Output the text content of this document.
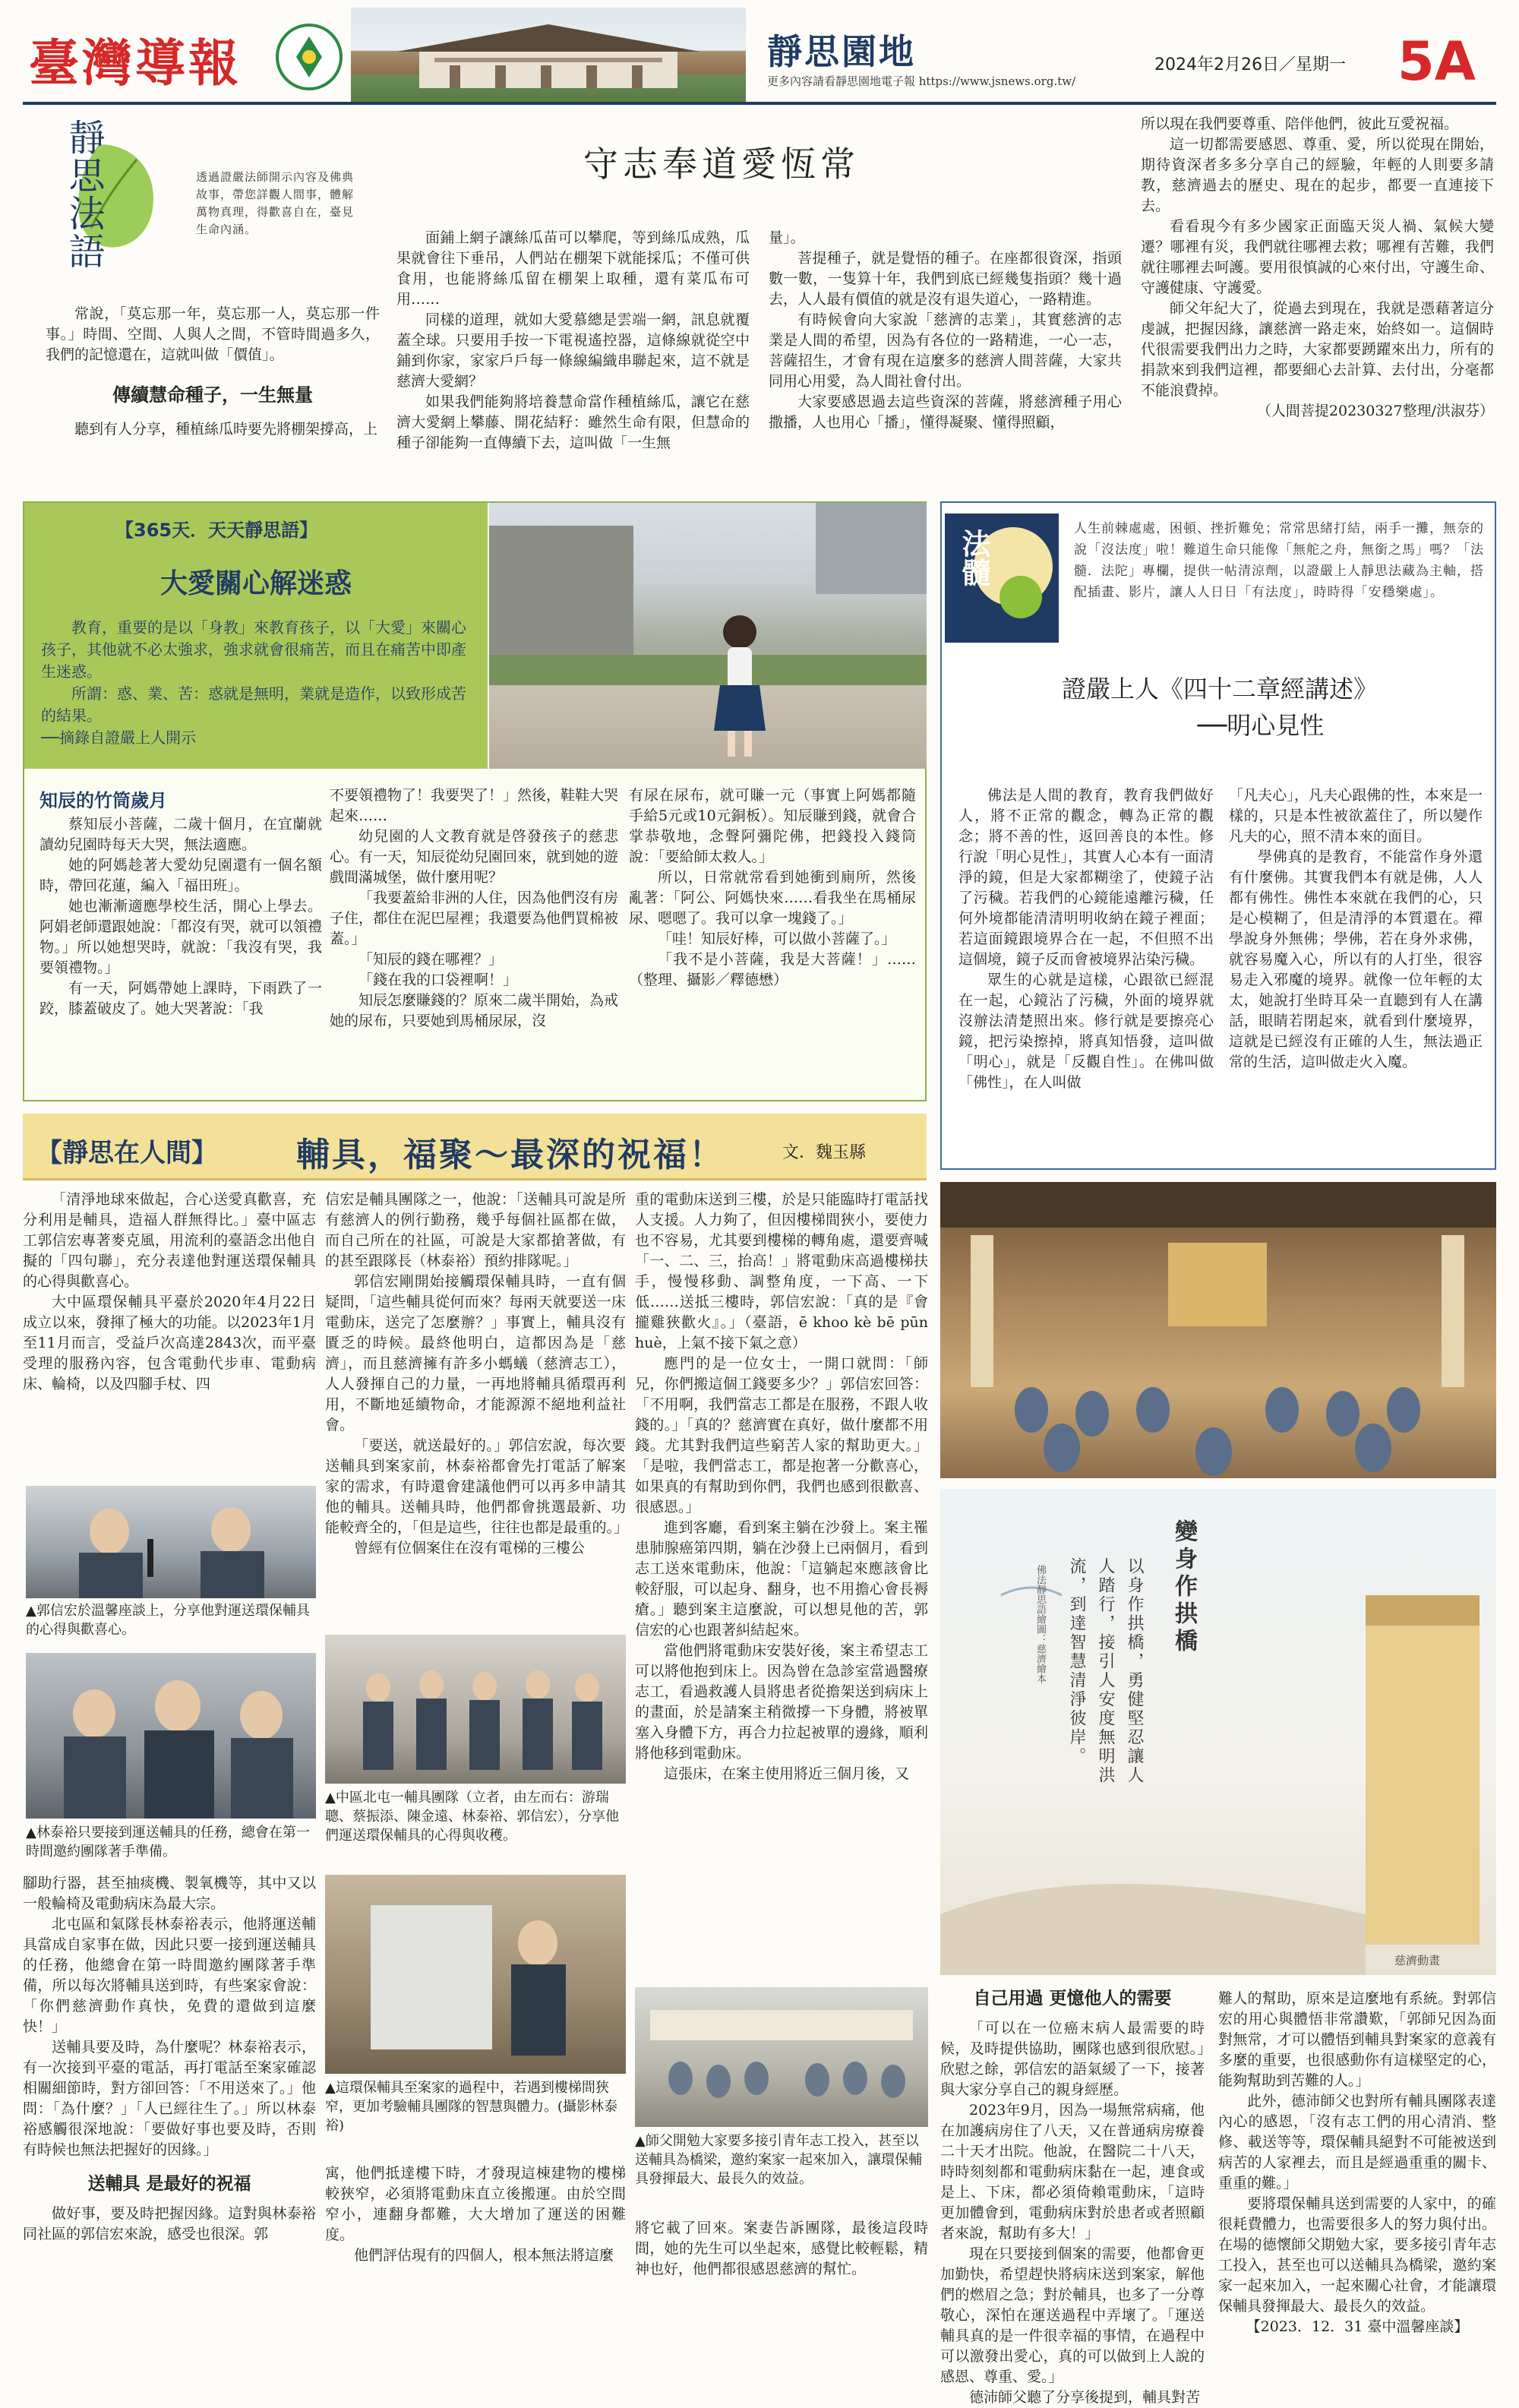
臺灣導報	靜思園地
更多內容請看靜思園地電子報 https://www.jsnews.org.tw/
2024年2月26日／星期一 5A
靜思法語	透過證嚴法師開示內容及佛典故事，帶您詳觀人間事，體解萬物真理，得歡喜自在，臺見生命內涵。
守志奉道愛恆常

常說，「莫忘那一年，莫忘那一人，莫忘那一件事。」時間、空間、人與人之間，不管時間過多久，我們的記憶還在，這就叫做「價值」。

傳續慧命種子，一生無量

聽到有人分享，種植絲瓜時要先將棚架撐高，上

面鋪上網子讓絲瓜苗可以攀爬，等到絲瓜成熟，瓜果就會往下垂吊，人們站在棚架下就能採瓜；不僅可供食用，也能將絲瓜留在棚架上取種，還有菜瓜布可用……

同樣的道理，就如大愛慕總是雲端一網，訊息就覆蓋全球。只要用手按一下電視遙控器，這條線就從空中鋪到你家，家家戶戶每一條線編織串聯起來，這不就是慈濟大愛網？

如果我們能夠將培養慧命當作種植絲瓜，讓它在慈濟大愛網上攀藤、開花結籽：雖然生命有限，但慧命的種子卻能夠一直傳續下去，這叫做「一生無

量」。

菩提種子，就是覺悟的種子。在座都很資深，指頭數一數，一隻算十年，我們到底已經幾隻指頭？幾十過去，人人最有價值的就是沒有退失道心，一路精進。

有時候會向大家說「慈濟的志業」，其實慈濟的志業是人間的希望，因為有各位的一路精進，一心一志，菩薩招生，才會有現在這麼多的慈濟人間菩薩，大家共同用心用愛，為人間社會付出。

大家要感恩過去這些資深的菩薩，將慈濟種子用心撒播，人也用心「播」，懂得凝聚、懂得照顧，

所以現在我們要尊重、陪伴他們，彼此互愛祝福。

這一切都需要感恩、尊重、愛，所以從現在開始，期待資深者多多分享自己的經驗，年輕的人則要多請教，慈濟過去的歷史、現在的起步，都要一直連接下去。

看看現今有多少國家正面臨天災人禍、氣候大變遷？哪裡有災，我們就往哪裡去救；哪裡有苦難，我們就往哪裡去呵護。要用很慎誠的心來付出，守護生命、守護健康、守護愛。

師父年紀大了，從過去到現在，我就是憑藉著這分虔誠，把握因緣，讓慈濟一路走來，始終如一。這個時代很需要我們出力之時，大家都要踴躍來出力，所有的捐款來到我們這裡，都要細心去計算、去付出，分毫都不能浪費掉。

（人間菩提20230327整理/洪淑芬）
【365天．天天靜思語】
大愛關心解迷惑

教育，重要的是以「身教」來教育孩子，以「大愛」來關心孩子，其他就不必太強求，強求就會很痛苦，而且在痛苦中即產生迷惑。

所謂：惑、業、苦：惑就是無明，業就是造作，以致形成苦的結果。

──摘錄自證嚴上人開示

知辰的竹筒歲月

蔡知辰小菩薩，二歲十個月，在宜蘭就讀幼兒園時每天大哭，無法適應。

她的阿媽趁著大愛幼兒園還有一個名額時，帶回花蓮，編入「福田班」。

她也漸漸適應學校生活，開心上學去。阿娟老師還跟她說：「都沒有哭，就可以領禮物。」所以她想哭時，就說：「我沒有哭，我要領禮物。」

有一天，阿媽帶她上課時，下雨跌了一跤，膝蓋破皮了。她大哭著說：「我

不要領禮物了！我要哭了！」然後，鞋鞋大哭起來……

幼兒園的人文教育就是啓發孩子的慈悲心。有一天，知辰從幼兒園回來，就到她的遊戲間滿城堡，做什麼用呢？

「我要蓋給非洲的人住，因為他們沒有房子住，都住在泥巴屋裡；我還要為他們買棉被蓋。」

「知辰的錢在哪裡？」

「錢在我的口袋裡啊！」

知辰怎麼賺錢的？原來二歲半開始，為戒她的尿布，只要她到馬桶尿尿，沒

有尿在尿布，就可賺一元（事實上阿媽都隨手給5元或10元銅板）。知辰賺到錢，就會合掌恭敬地，念聲阿彌陀佛，把錢投入錢筒說：「要給師太救人。」

所以，日常就常看到她衝到廁所，然後亂著：「阿公、阿媽快來……看我坐在馬桶尿尿、嗯嗯了。我可以拿一塊錢了。」

「哇！知辰好棒，可以做小菩薩了。」

「我不是小菩薩，我是大菩薩！」……（整理、攝影／釋德懋）

法髓	人生前棘處處，困頓、挫折難免；常常思緒打結，兩手一攤，無奈的說「沒法度」啦！難道生命只能像「無舵之舟，無銜之馬」嗎？「法髓．法陀」專欄，提供一帖清涼劑，以證嚴上人靜思法藏為主軸，搭配插畫、影片，讓人人日日「有法度」，時時得「安穩樂處」。
證嚴上人《四十二章經講述》
──明心見性

佛法是人間的教育，教育我們做好人，將不正常的觀念，轉為正常的觀念；將不善的性，返回善良的本性。修行說「明心見性」，其實人心本有一面清淨的鏡，但是大家都糊塗了，使鏡子沾了污穢。若我們的心鏡能遠離污穢，任何外境都能清清明明收納在鏡子裡面；若這面鏡跟境界合在一起，不但照不出這個境，鏡子反而會被境界沾染污穢。

眾生的心就是這樣，心跟欲已經混在一起，心鏡沾了污穢，外面的境界就沒辦法清楚照出來。修行就是要擦亮心鏡，把污染擦掉，將真知悟發，這叫做「明心」，就是「反觀自性」。在佛叫做「佛性」，在人叫做

「凡夫心」，凡夫心跟佛的性，本來是一樣的，只是本性被欲蓋住了，所以變作凡夫的心，照不清本來的面目。

學佛真的是教育，不能當作身外還有什麼佛。其實我們本有就是佛，人人都有佛性。佛性本來就在我們的心，只是心模糊了，但是清淨的本質還在。禪學說身外無佛；學佛，若在身外求佛，就容易魔入心，所以有的人打坐，很容易走入邪魔的境界。就像一位年輕的太太，她說打坐時耳朵一直聽到有人在講話，眼睛若閉起來，就看到什麼境界，這就是已經沒有正確的人生，無法過正常的生活，這叫做走火入魔。

變身作拱橋
以身作拱橋，勇健堅忍讓人人踏行，接引人安度無明洪流，到達智慧清淨彼岸。
佛法靜思語繪圖：慈濟繪本
慈濟動畫
【靜思在人間】 輔具，福聚～最深的祝福！	文．魏玉縣

「清淨地球來做起，合心送愛真歡喜，充分利用是輔具，造福人群無得比。」臺中區志工郭信宏專著麥克風，用流利的臺語念出他自擬的「四句聯」，充分表達他對運送環保輔具的心得與歡喜心。

大中區環保輔具平臺於2020年4月22日成立以來，發揮了極大的功能。以2023年1月至11月而言，受益戶次高達2843次，而平臺受理的服務內容，包含電動代步車、電動病床、輪椅，以及四腳手杖、四

▲郭信宏於溫馨座談上，分享他對運送環保輔具的心得與歡喜心。
▲林泰裕只要接到運送輔具的任務，總會在第一時間邀約團隊著手準備。

腳助行器，甚至抽痰機、製氧機等，其中又以一般輪椅及電動病床為最大宗。

北屯區和氣隊長林泰裕表示，他將運送輔具當成自家事在做，因此只要一接到運送輔具的任務，他總會在第一時間邀約團隊著手準備，所以每次將輔具送到時，有些案家會說：「你們慈濟動作真快，免費的還做到這麼快！」

送輔具要及時，為什麼呢？林泰裕表示，有一次接到平臺的電話，再打電話至案家確認相關細節時，對方卻回答：「不用送來了。」他問：「為什麼？」「人已經往生了。」所以林泰裕感觸很深地說：「要做好事也要及時，否則有時候也無法把握好的因緣。」

送輔具 是最好的祝福

做好事，要及時把握因緣。這對與林泰裕同社區的郭信宏來說，感受也很深。郭

信宏是輔具團隊之一，他說：「送輔具可說是所有慈濟人的例行勤務，幾乎每個社區都在做，而自己所在的社區，可說是大家都搶著做，有的甚至跟隊長（林泰裕）預約排隊呢。」

郭信宏剛開始接觸環保輔具時，一直有個疑問，「這些輔具從何而來？每兩天就要送一床電動床，送完了怎麼辦？」事實上，輔具沒有匱乏的時候。最終他明白，這都因為是「慈濟」，而且慈濟擁有許多小螞蟻（慈濟志工），人人發揮自己的力量，一再地將輔具循環再利用，不斷地延續物命，才能源源不絕地利益社會。

「要送，就送最好的。」郭信宏說，每次要送輔具到案家前，林泰裕都會先打電話了解案家的需求，有時還會建議他們可以再多申請其他的輔具。送輔具時，他們都會挑選最新、功能較齊全的，「但是這些，往往也都是最重的。」

曾經有位個案住在沒有電梯的三樓公

▲中區北屯一輔具團隊（立者，由左而右：游瑞聰、蔡振添、陳金遠、林泰裕、郭信宏），分享他們運送環保輔具的心得與收穫。
▲這環保輔具至案家的過程中，若遇到樓梯間狹窄，更加考驗輔具團隊的智慧與體力。(攝影林泰裕)

寓，他們抵達樓下時，才發現這棟建物的樓梯較狹窄，必須將電動床直立後搬運。由於空間窄小，連翻身都難，大大增加了運送的困難度。

他們評估現有的四個人，根本無法將這麼

重的電動床送到三樓，於是只能臨時打電話找人支援。人力夠了，但因樓梯間狹小，要使力也不容易，尤其要到樓梯的轉角處，還要齊喊「一、二、三，抬高！」將電動床高過樓梯扶手，慢慢移動、調整角度，一下高、一下低……送抵三樓時，郭信宏說：「真的是『會攏雞狹歡火』。」（臺語，ē khoo kè bē pūn huè，上氣不接下氣之意）

應門的是一位女士，一開口就問：「師兄，你們搬這個工錢要多少？」郭信宏回答：「不用啊，我們當志工都是在服務，不跟人收錢的。」「真的？慈濟實在真好，做什麼都不用錢。尤其對我們這些窮苦人家的幫助更大。」「是啦，我們當志工，都是抱著一分歡喜心，如果真的有幫助到你們，我們也感到很歡喜、很感恩。」

進到客廳，看到案主躺在沙發上。案主罹患肺腺癌第四期，躺在沙發上已兩個月，看到志工送來電動床，他說：「這躺起來應該會比較舒服，可以起身、翻身，也不用擔心會長褥瘡。」聽到案主這麼說，可以想見他的苦，郭信宏的心也跟著糾結起來。

當他們將電動床安裝好後，案主希望志工可以將他抱到床上。因為曾在急診室當過醫療志工，看過救護人員將患者從擔架送到病床上的畫面，於是請案主稍微撐一下身體，將被單塞入身體下方，再合力拉起被單的邊緣，順利將他移到電動床。

這張床，在案主使用將近三個月後，又

▲師父開勉大家要多接引青年志工投入，甚至以送輔具為橋梁，邀約案家一起來加入，讓環保輔具發揮最大、最長久的效益。

將它載了回來。案妻告訴團隊，最後這段時間，她的先生可以坐起來，感覺比較輕鬆，精神也好，他們都很感恩慈濟的幫忙。

自己用過 更憶他人的需要

「可以在一位癌末病人最需要的時候，及時提供協助，團隊也感到很欣慰。」欣慰之餘，郭信宏的語氣緩了一下，接著與大家分享自己的親身經歷。

2023年9月，因為一場無常病痛，他在加護病房住了八天，又在普通病房療養二十天才出院。他說，在醫院二十八天，時時刻刻都和電動病床黏在一起，連食或是上、下床，都必須倚賴電動床，「這時更加體會到，電動病床對於患者或者照顧者來說，幫助有多大！」

現在只要接到個案的需要，他都會更加勤快，希望趕快將病床送到案家，解他們的燃眉之急；對於輔具，也多了一分尊敬心，深怕在運送過程中弄壞了。「運送輔具真的是一件很幸福的事情，在過程中可以激發出愛心，真的可以做到上人說的感恩、尊重、愛。」

德沛師父聽了分享後提到，輔具對苦

難人的幫助，原來是這麼地有系統。對郭信宏的用心與體悟非常讚歎，「郭師兄因為面對無常，才可以體悟到輔具對案家的意義有多麼的重要，也很感動你有這樣堅定的心，能夠幫助到苦難的人。」

此外，德沛師父也對所有輔具團隊表達內心的感恩，「沒有志工們的用心清消、整修、載送等等，環保輔具絕對不可能被送到病苦的人家裡去，而且是經過重重的關卡、重重的難。」

要將環保輔具送到需要的人家中，的確很耗費體力，也需要很多人的努力與付出。在場的德懷師父期勉大家，要多接引青年志工投入，甚至也可以送輔具為橋梁，邀約案家一起來加入，一起來關心社會，才能讓環保輔具發揮最大、最長久的效益。

【2023．12．31 臺中溫馨座談】
